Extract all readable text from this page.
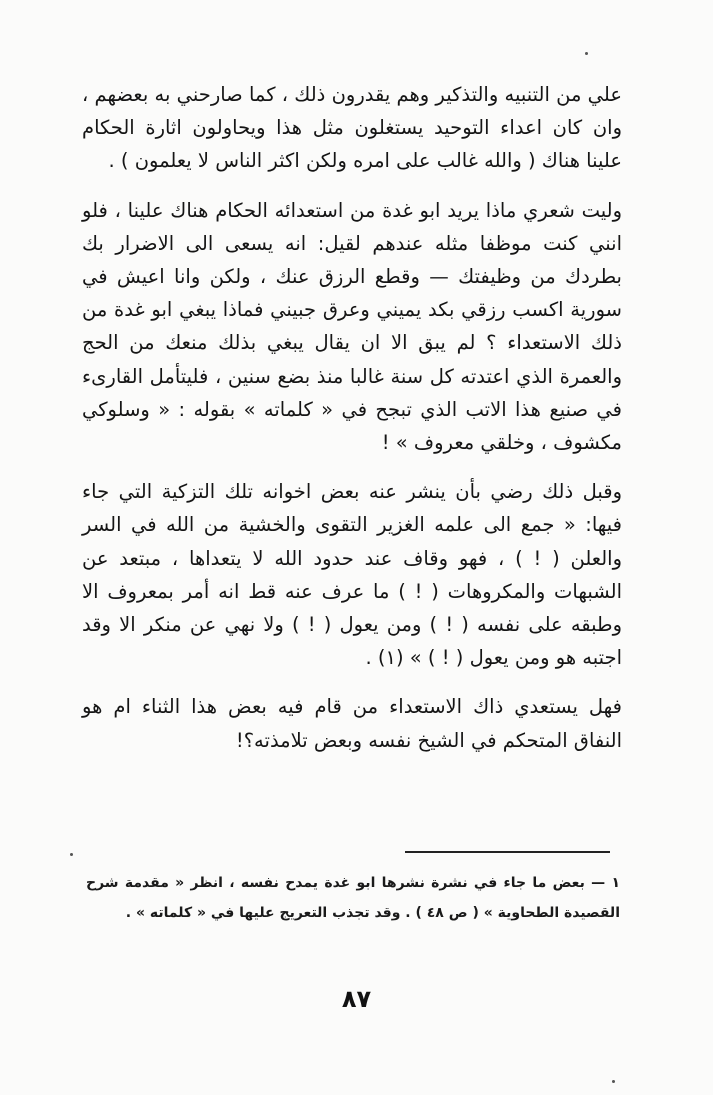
علي من التنبيه والتذكير وهم يقدرون ذلك ، كما صارحني به بعضهم ، وان كان اعداء التوحيد يستغلون مثل هذا ويحاولون اثارة الحكام علينا هناك ( والله غالب على امره ولكن اكثر الناس لا يعلمون ) .

وليت شعري ماذا يريد ابو غدة من استعدائه الحكام هناك علينا ، فلو انني كنت موظفا مثله عندهم لقيل: انه يسعى الى الاضرار بك بطردك من وظيفتك — وقطع الرزق عنك ، ولكن وانا اعيش في سورية اكسب رزقي بكد يميني وعرق جبيني فماذا يبغي ابو غدة من ذلك الاستعداء ؟ لم يبق الا ان يقال يبغي بذلك منعك من الحج والعمرة الذي اعتدته كل سنة غالبا منذ بضع سنين ، فليتأمل القارىء في صنيع هذا الاتب الذي تبجح في « كلماته » بقوله : « وسلوكي مكشوف ، وخلقي معروف » !

وقبل ذلك رضي بأن ينشر عنه بعض اخوانه تلك التزكية التي جاء فيها: « جمع الى علمه الغزير التقوى والخشية من الله في السر والعلن ( ! ) ، فهو وقاف عند حدود الله لا يتعداها ، مبتعد عن الشبهات والمكروهات ( ! ) ما عرف عنه قط انه أمر بمعروف الا وطبقه على نفسه ( ! ) ومن يعول ( ! ) ولا نهي عن منكر الا وقد اجتبه هو ومن يعول ( ! ) » (١) .

فهل يستعدي ذاك الاستعداء من قام فيه بعض هذا الثناء ام هو النفاق المتحكم في الشيخ نفسه وبعض تلامذته؟!

١ — بعض ما جاء في نشرة نشرها ابو غدة يمدح نفسه ، انظر « مقدمة شرح القصيدة الطحاوية » ( ص ٤٨ ) . وقد تجذب التعريج عليها في « كلماته » .
٨٧
